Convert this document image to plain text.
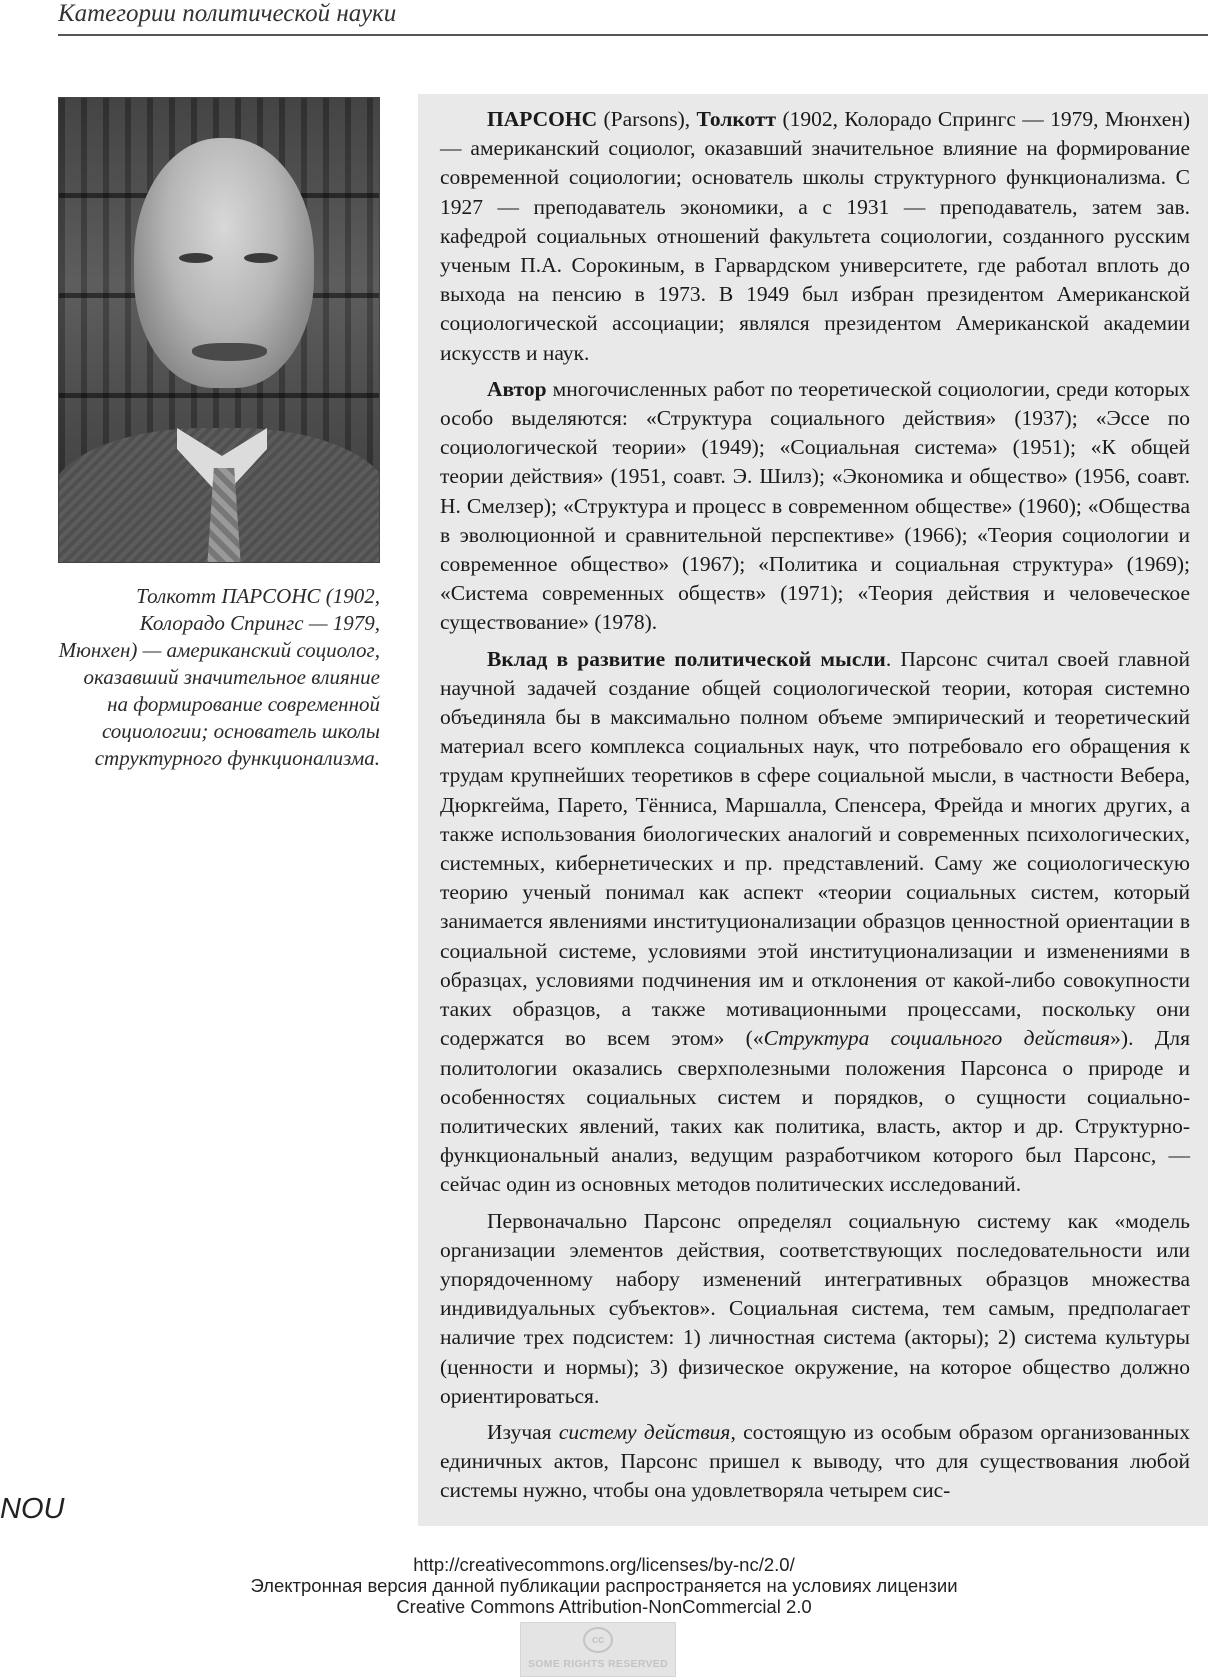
Категории политической науки
Толкотт ПАРСОНС (1902, Колорадо Спрингс — 1979, Мюнхен) — американский социолог, оказавший значительное влияние на формирование современной социологии; основатель школы структурного функционализма.

ПАРСОНС (Parsons), Толкотт (1902, Колорадо Спрингс — 1979, Мюнхен) — американский социолог, оказавший значительное влияние на формирование современной социологии; основатель школы структурного функционализма. С 1927 — преподаватель экономики, а с 1931 — преподаватель, затем зав. кафедрой социальных отношений факультета социологии, созданного русским ученым П.А. Сорокиным, в Гарвардском университете, где работал вплоть до выхода на пенсию в 1973. В 1949 был избран президентом Американской социологической ассоциации; являлся президентом Американской академии искусств и наук.

Автор многочисленных работ по теоретической социологии, среди которых особо выделяются: «Структура социального действия» (1937); «Эссе по социологической теории» (1949); «Социальная система» (1951); «К общей теории действия» (1951, соавт. Э. Шилз); «Экономика и общество» (1956, соавт. Н. Смелзер); «Структура и процесс в современном обществе» (1960); «Общества в эволюционной и сравнительной перспективе» (1966); «Теория социологии и современное общество» (1967); «Политика и социальная структура» (1969); «Система современных обществ» (1971); «Теория действия и человеческое существование» (1978).

Вклад в развитие политической мысли. Парсонс считал своей главной научной задачей создание общей социологической теории, которая системно объединяла бы в максимально полном объеме эмпирический и теоретический материал всего комплекса социальных наук, что потребовало его обращения к трудам крупнейших теоретиков в сфере социальной мысли, в частности Вебера, Дюркгейма, Парето, Тённиса, Маршалла, Спенсера, Фрейда и многих других, а также использования биологических аналогий и современных психологических, системных, кибернетических и пр. представлений. Саму же социологическую теорию ученый понимал как аспект «теории социальных систем, который занимается явлениями институционализации образцов ценностной ориентации в социальной системе, условиями этой институционализации и изменениями в образцах, условиями подчинения им и отклонения от какой-либо совокупности таких образцов, а также мотивационными процессами, поскольку они содержатся во всем этом» («Структура социального действия»). Для политологии оказались сверхполезными положения Парсонса о природе и особенностях социальных систем и порядков, о сущности социально-политических явлений, таких как политика, власть, актор и др. Структурно-функциональный анализ, ведущим разработчиком которого был Парсонс, — сейчас один из основных методов политических исследований.

Первоначально Парсонс определял социальную систему как «модель организации элементов действия, соответствующих последовательности или упорядоченному набору изменений интегративных образцов множества индивидуальных субъектов». Социальная система, тем самым, предполагает наличие трех подсистем: 1) личностная система (акторы); 2) система культуры (ценности и нормы); 3) физическое окружение, на которое общество должно ориентироваться.

Изучая систему действия, состоящую из особым образом организованных единичных актов, Парсонс пришел к выводу, что для существования любой системы нужно, чтобы она удовлетворяла четырем сис-

NOU
http://creativecommons.org/licenses/by-nc/2.0/
Электронная версия данной публикации распространяется на условиях лицензии
Creative Commons Attribution-NonCommercial 2.0
cc
SOME RIGHTS RESERVED
